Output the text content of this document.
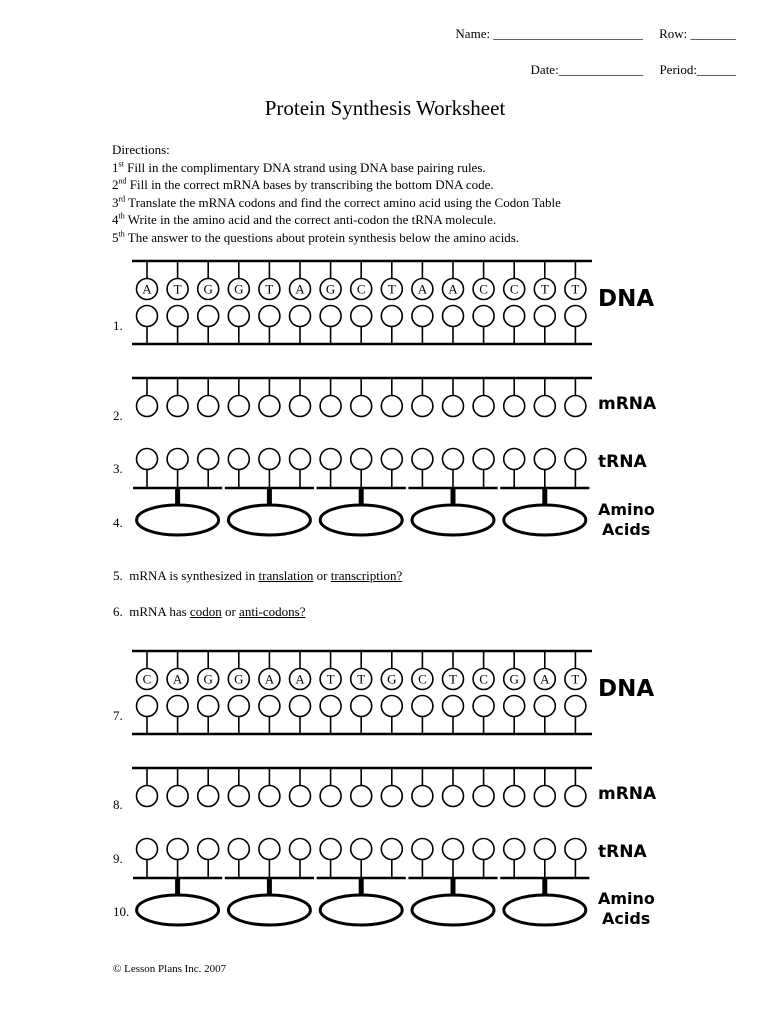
Name: _______________________ Row: _______
Date:_____________ Period:______
Protein Synthesis Worksheet
Directions:
1st Fill in the complimentary DNA strand using DNA base pairing rules.
2nd Fill in the correct mRNA bases by transcribing the bottom DNA code.
3rd Translate the mRNA codons and find the correct amino acid using the Codon Table
4th Write in the amino acid and the correct anti-codon the tRNA molecule.
5th The answer to the questions about protein synthesis below the amino acids.
A T G G T A G C T A A C C T T
C A G G A A T T G C T C G A T
1.
2.
3.
4.
DNA
mRNA
tRNA
Amino
Acids
5. mRNA is synthesized in translation or transcription?
6. mRNA has codon or anti-codons?
7.
8.
9.
10.
DNA
mRNA
tRNA
Amino
Acids
© Lesson Plans Inc. 2007
